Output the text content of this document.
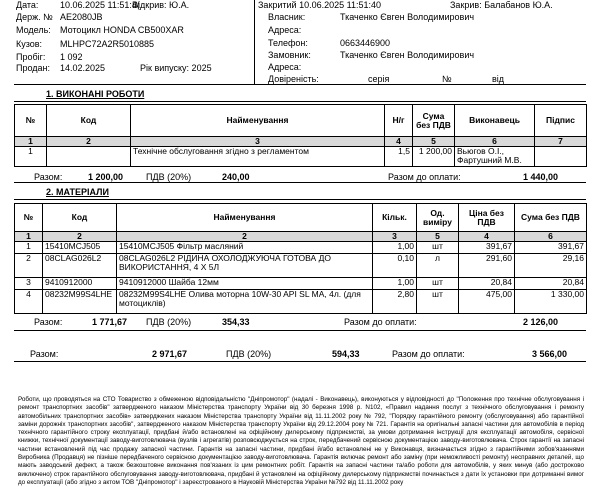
Дата: 10.06.2025 11:51:4(
Держ. № AE2080JB
Модель: Мотоцикл HONDA CB500XAR
Кузов: MLHPC72A2R5010885
Пробіг: 1 092
Продан: 14.02.2025
Відкрив: Ю.А.
Рік випуску: 2025
Закритий 10.06.2025 11:51:40	Закрив: Балабанов Ю.А.
Власник:	Ткаченко Євген Володимирович
Адреса:
Телефон:	0663446900
Замовник:	Ткаченко Євген Володимирович
Адреса:
Довіреність:	серія	№	від
1. ВИКОНАНІ РОБОТИ
№	Код	Найменування	Н/г	Сума без ПДВ	Виконавець	Підпис
1	2	3	4	5	6	7
1		Технічне обслуговання згідно з регламентом	1,5	1 200,00	Вьюгов О.І., Фартушний М.В.	
Разом:	1 200,00	ПДВ (20%)	240,00	Разом до оплати:	1 440,00
2. МАТЕРІАЛИ
№	Код	Найменування	Кільк.	Од. виміру	Ціна без ПДВ	Сума без ПДВ
1	2	2	3	5	4	6
1	15410MCJ505	15410MCJ505 Фільтр масляний	1,00	шт	391,67	391,67
2	08CLAG026L2	08CLAG026L2 РІДИНА ОХОЛОДЖУЮЧА ГОТОВА ДО ВИКОРИСТАННЯ, 4 Х 5Л	0,10	л	291,60	29,16
3	9410912000	9410912000 Шайба 12мм	1,00	шт	20,84	20,84
4	08232M99S4LHE	08232M99S4LHE Олива моторна 10W-30 API SL MA, 4л. (для мотоциклів)	2,80	шт	475,00	1 330,00
Разом:	1 771,67 ПДВ (20%)	354,33	Разом до оплати:	2 126,00
Разом:	2 971,67	ПДВ (20%)	594,33	Разом до оплати:	3 566,00
Роботи, що проводяться на СТО Товариство з обмеженою відповідальністю "Дніпромотор" (надалі - Виконавець), виконуються у відповідності до "Положення про технічне обслуговування і ремонт транспортних засобів" затвердженого наказом Міністерства транспорту України від 30 березня 1998 р. N102, «Правил надання послуг з технічного обслуговування і ремонту автомобільних транспортних засобів» затверджених наказом Міністерства транспорту України від 11.11.2002 року № 792, "Порядку гарантійного ремонту (обслуговування) або гарантійної заміни дорожніх транспортних засобів", затвердженого наказом Міністерства транспорту України від 29.12.2004 року № 721. Гарантія на оригінальні запасні частини для автомобілів в період технічного гарантійного строку експлуатації, придбані й/або встановлені на офіційному дилерському підприємстві, за умови дотримання інструкції для експлуатації автомобіля, сервісної книжки, технічної документації заводу-виготовлювача (вузлів і агрегатів) розповсюджується на строк, передбачений сервісною документацією заводу-виготовлювача. Строк гарантії на запасні частини встановлений під час продажу запасної частини. Гарантія на запасні частини, придбані й/або встановлені не у Виконавця, визначається згідно з гарантійними зобов'язаннями Виробника (Продавця) не пізніше передбаченого сервісною документацією заводу-виготовлювача. Гарантія включає ремонт або заміну (при неможливості ремонту) несправних деталей, що мають заводський дефект, а також безкоштовне виконання пов'язаних із цим ремонтних робіт. Гарантія на запасні частини та/або роботи для автомобілів, у яких минув (або достроково виключено) строк гарантійного обслуговування заводу-виготовлювача, придбані й установлені на офіційному дилерському підприємстві починається з дати їх установки при дотриманні вимог до експлуатації (або згідно з актом ТОВ "Дніпромотор" і зареєстрованого в Науковій Міністерства України №792 від 11.11.2002 року
